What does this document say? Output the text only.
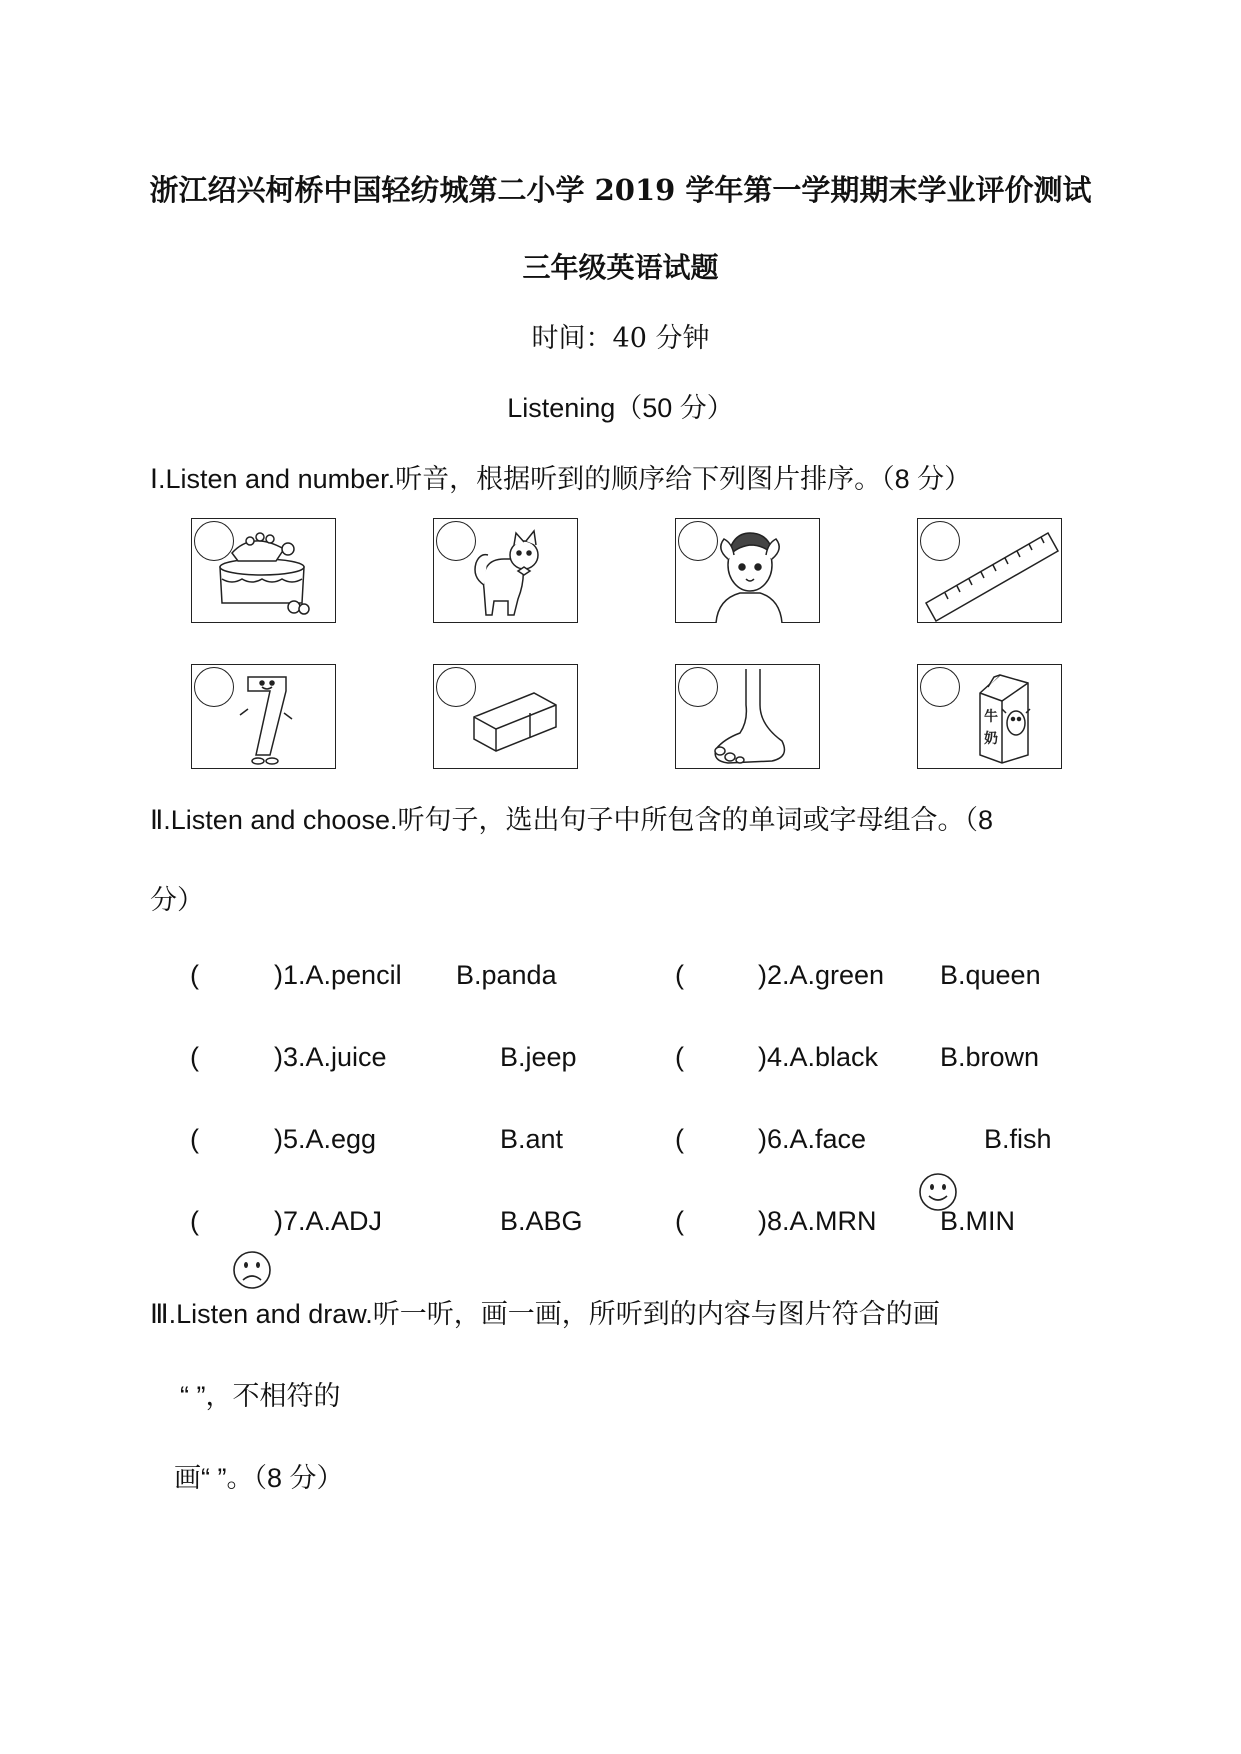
浙江绍兴柯桥中国轻纺城第二小学 2019 学年第一学期期末学业评价测试
三年级英语试题
时间：40 分钟
Listening（50 分）
Ⅰ.Listen and number.听音，根据听到的顺序给下列图片排序。（8 分）
牛
奶
Ⅱ.Listen and choose.听句子，选出句子中所包含的单词或字母组合。（8
分）
(	)1.A.pencil B.panda	(	)2.A.green B.queen
(	)3.A.juice	B.jeep	(	)4.A.black B.brown
(	)5.A.egg	B.ant	(	)6.A.face	B.fish
(	)7.A.ADJ	B.ABG	(	)8.A.MRN B.MIN
Ⅲ.Listen and draw.听一听，画一画，所听到的内容与图片符合的画
“ ”，不相符的
画“ ”。（8 分）
